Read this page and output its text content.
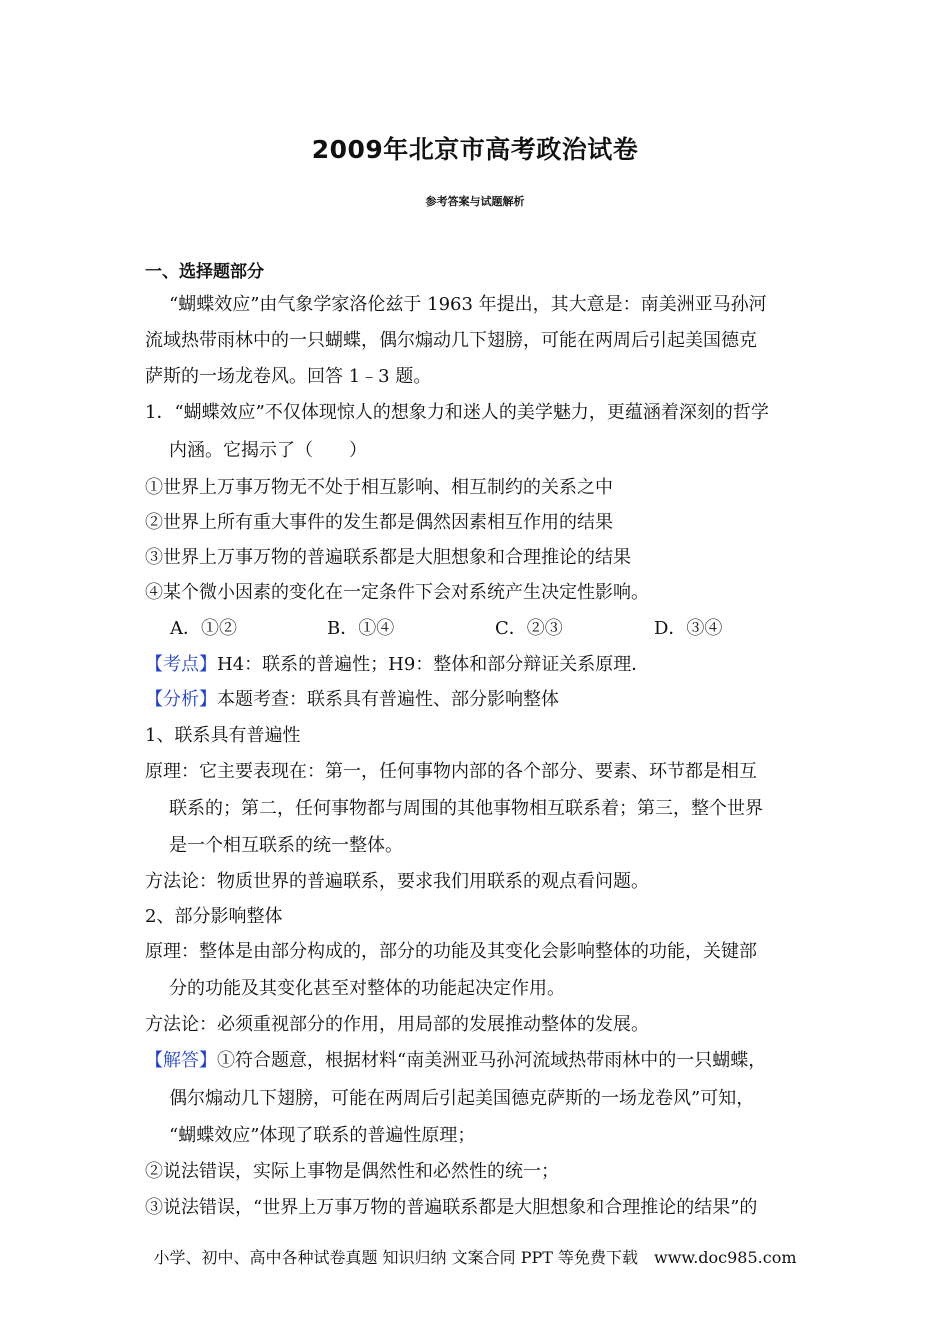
2009年北京市高考政治试卷
参考答案与试题解析
一、选择题部分
“蝴蝶效应”由气象学家洛伦兹于 1963 年提出，其大意是：南美洲亚马孙河
流域热带雨林中的一只蝴蝶，偶尔煽动几下翅膀，可能在两周后引起美国德克
萨斯的一场龙卷风。回答 1﹣3 题。
1．“蝴蝶效应”不仅体现惊人的想象力和迷人的美学魅力，更蕴涵着深刻的哲学
内涵。它揭示了（　　）
①世界上万事万物无不处于相互影响、相互制约的关系之中
②世界上所有重大事件的发生都是偶然因素相互作用的结果
③世界上万事万物的普遍联系都是大胆想象和合理推论的结果
④某个微小因素的变化在一定条件下会对系统产生决定性影响。
A．①②	B．①④	C．②③	D．③④
【考点】H4：联系的普遍性；H9：整体和部分辩证关系原理．
【分析】本题考查：联系具有普遍性、部分影响整体
1、联系具有普遍性
原理：它主要表现在：第一，任何事物内部的各个部分、要素、环节都是相互
联系的；第二，任何事物都与周围的其他事物相互联系着；第三，整个世界
是一个相互联系的统一整体。
方法论：物质世界的普遍联系，要求我们用联系的观点看问题。
2、部分影响整体
原理：整体是由部分构成的，部分的功能及其变化会影响整体的功能，关键部
分的功能及其变化甚至对整体的功能起决定作用。
方法论：必须重视部分的作用，用局部的发展推动整体的发展。
【解答】①符合题意，根据材料“南美洲亚马孙河流域热带雨林中的一只蝴蝶，
偶尔煽动几下翅膀，可能在两周后引起美国德克萨斯的一场龙卷风”可知，
“蝴蝶效应”体现了联系的普遍性原理；
②说法错误，实际上事物是偶然性和必然性的统一；
③说法错误，“世界上万事万物的普遍联系都是大胆想象和合理推论的结果”的
小学、初中、高中各种试卷真题 知识归纳 文案合同 PPT 等免费下载　www.doc985.com
